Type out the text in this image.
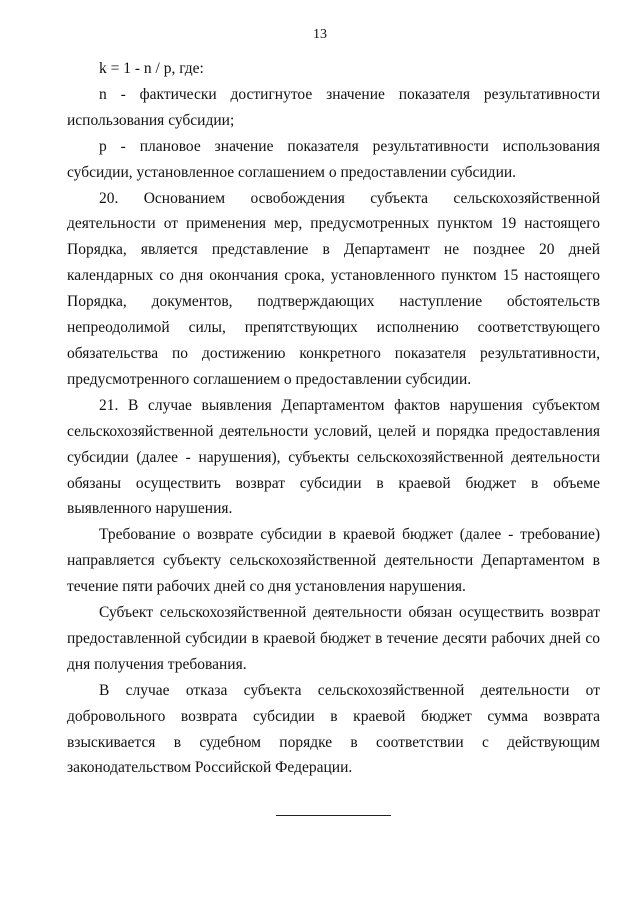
13

k = 1 - n / p, где:

n - фактически достигнутое значение показателя результативности использования субсидии;

р - плановое значение показателя результативности использования субсидии, установленное соглашением о предоставлении субсидии.

20. Основанием освобождения субъекта сельскохозяйственной деятельности от применения мер, предусмотренных пунктом 19 настоящего Порядка, является представление в Департамент не позднее 20 дней календарных со дня окончания срока, установленного пунктом 15 настоящего Порядка, документов, подтверждающих наступление обстоятельств непреодолимой силы, препятствующих исполнению соответствующего обязательства по достижению конкретного показателя результативности, предусмотренного соглашением о предоставлении субсидии.

21. В случае выявления Департаментом фактов нарушения субъектом сельскохозяйственной деятельности условий, целей и порядка предоставления субсидии (далее - нарушения), субъекты сельскохозяйственной деятельности обязаны осуществить возврат субсидии в краевой бюджет в объеме выявленного нарушения.

Требование о возврате субсидии в краевой бюджет (далее - требование) направляется субъекту сельскохозяйственной деятельности Департаментом в течение пяти рабочих дней со дня установления нарушения.

Субъект сельскохозяйственной деятельности обязан осуществить возврат предоставленной субсидии в краевой бюджет в течение десяти рабочих дней со дня получения требования.

В случае отказа субъекта сельскохозяйственной деятельности от добровольного возврата субсидии в краевой бюджет сумма возврата взыскивается в судебном порядке в соответствии с действующим законодательством Российской Федерации.
